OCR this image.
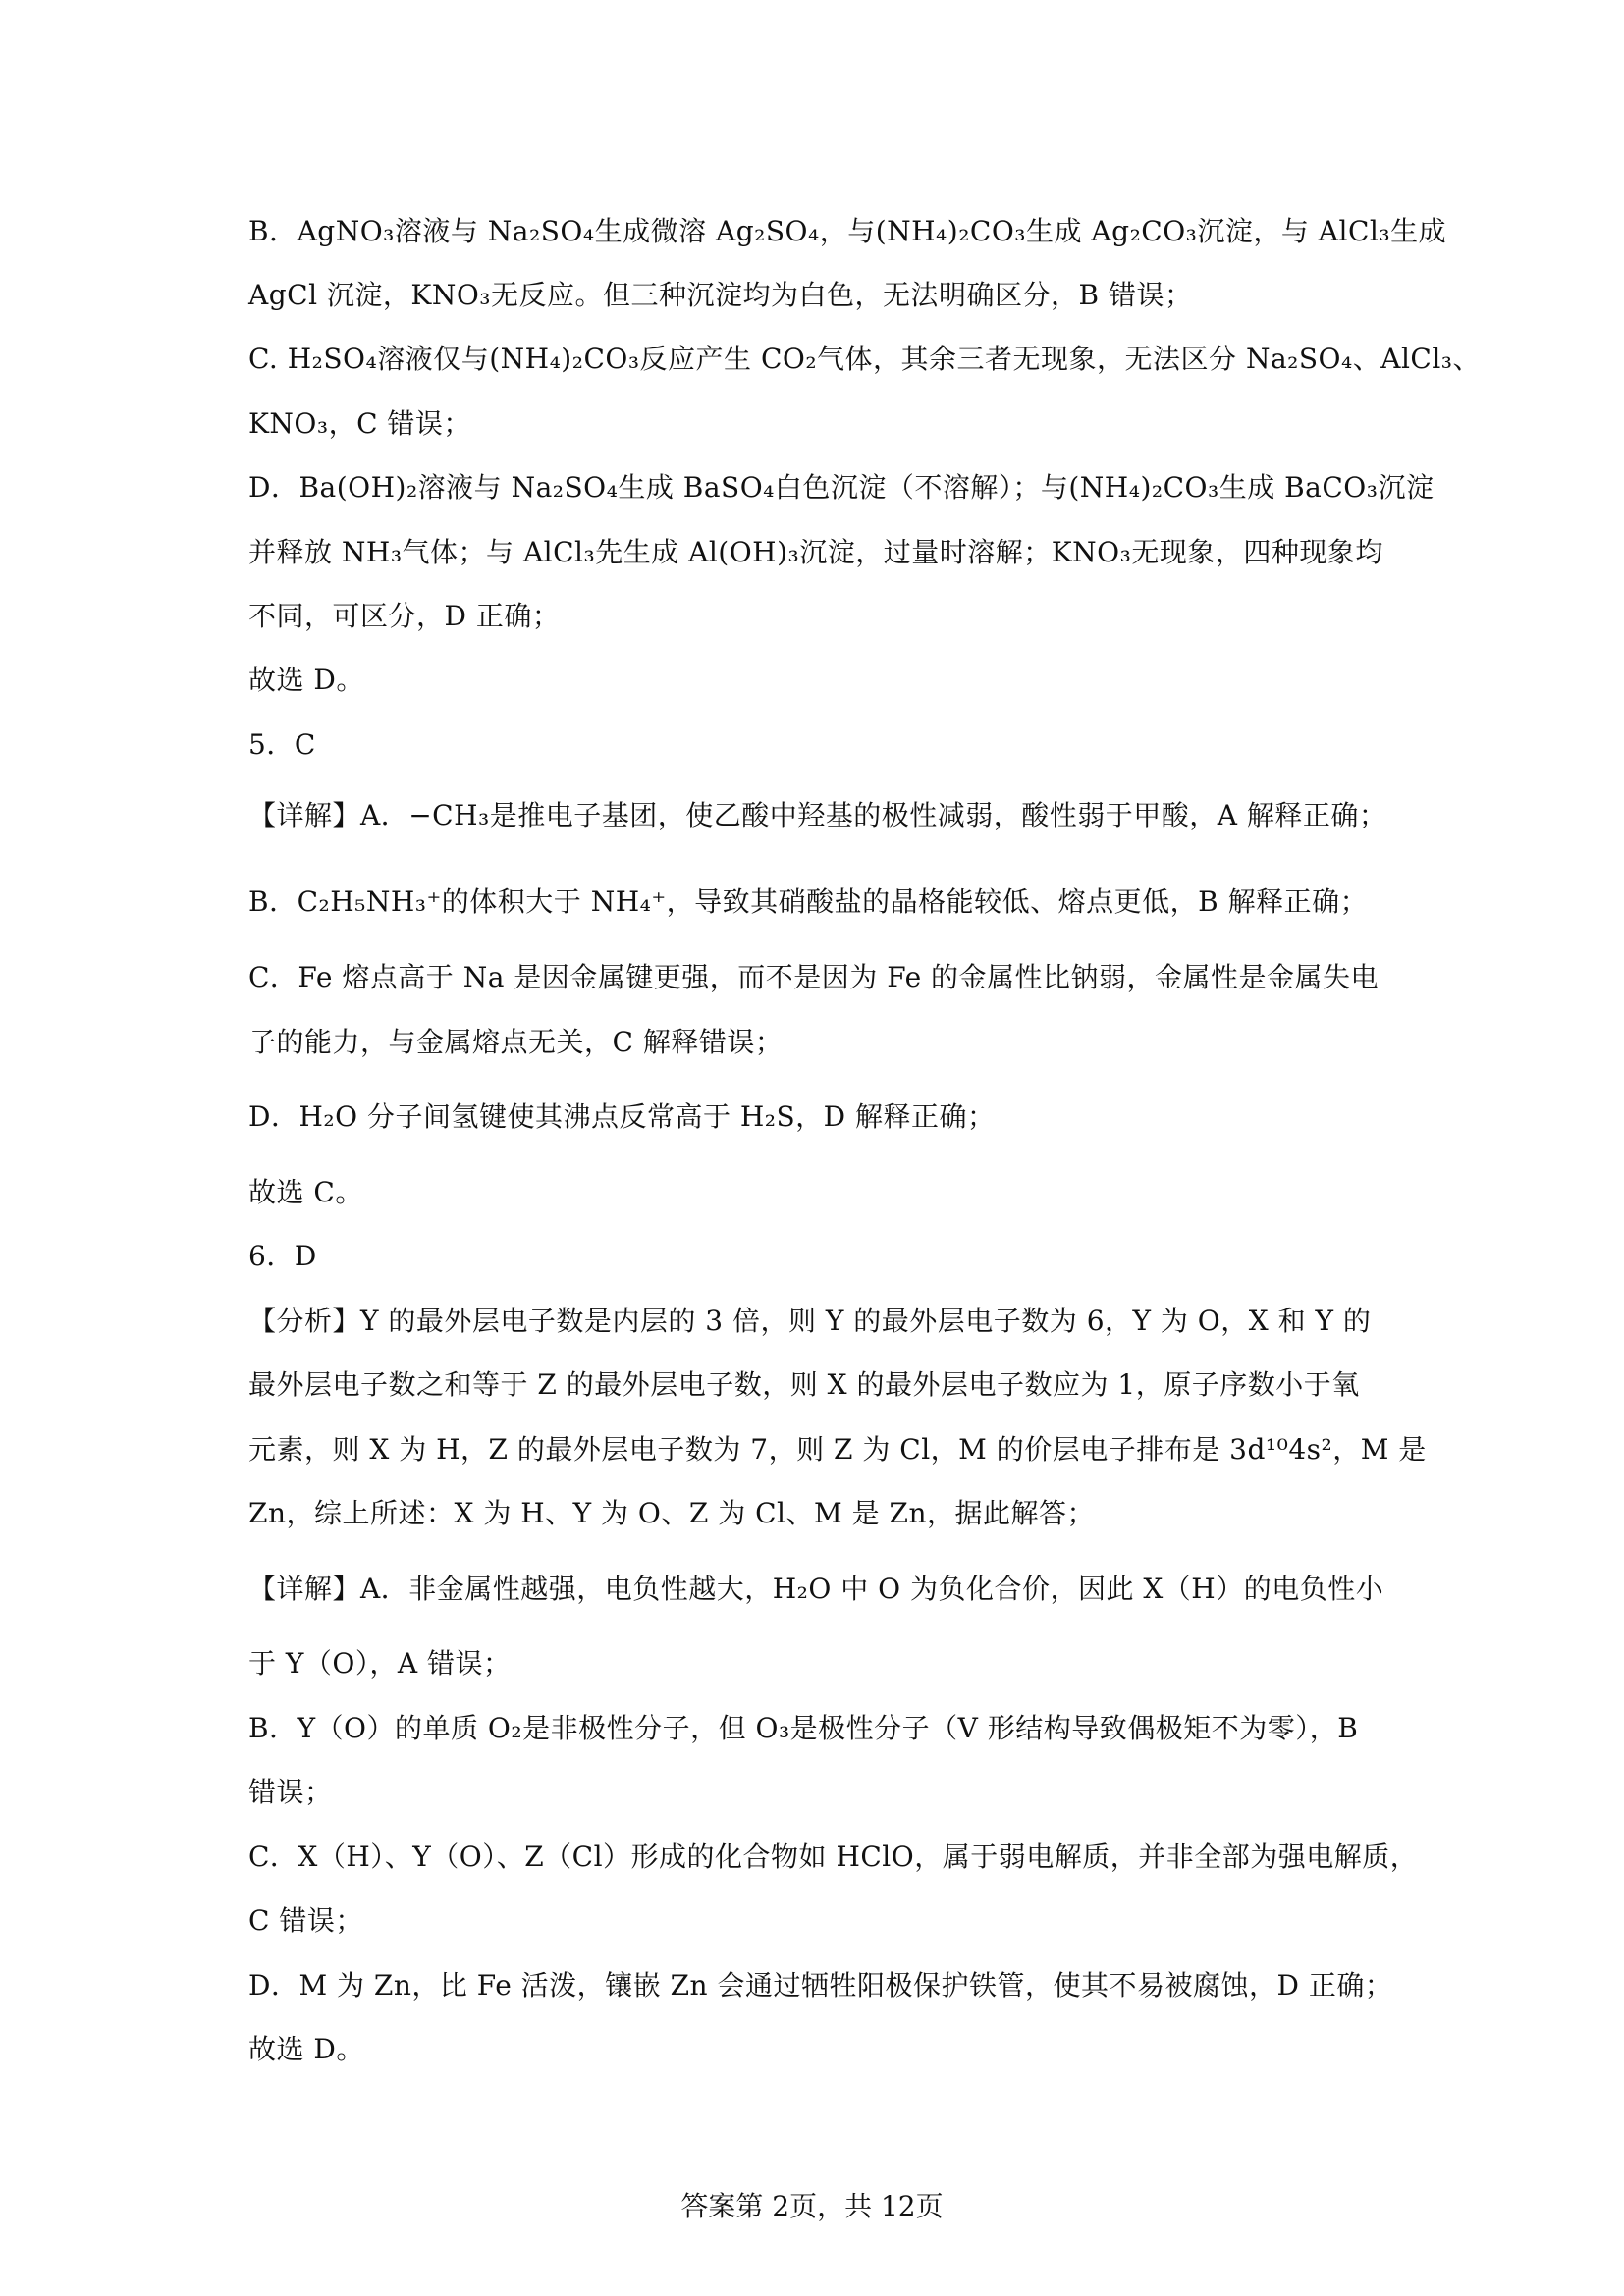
B．AgNO₃溶液与 Na₂SO₄生成微溶 Ag₂SO₄，与(NH₄)₂CO₃生成 Ag₂CO₃沉淀，与 AlCl₃生成
AgCl 沉淀，KNO₃无反应。但三种沉淀均为白色，无法明确区分，B 错误；
C. H₂SO₄溶液仅与(NH₄)₂CO₃反应产生 CO₂气体，其余三者无现象，无法区分 Na₂SO₄、AlCl₃、
KNO₃，C 错误；
D．Ba(OH)₂溶液与 Na₂SO₄生成 BaSO₄白色沉淀（不溶解）；与(NH₄)₂CO₃生成 BaCO₃沉淀
并释放 NH₃气体；与 AlCl₃先生成 Al(OH)₃沉淀，过量时溶解；KNO₃无现象，四种现象均
不同，可区分，D 正确；
故选 D。
5．C
【详解】A．−CH₃是推电子基团，使乙酸中羟基的极性减弱，酸性弱于甲酸，A 解释正确；
B．C₂H₅NH₃⁺的体积大于 NH₄⁺，导致其硝酸盐的晶格能较低、熔点更低，B 解释正确；
C．Fe 熔点高于 Na 是因金属键更强，而不是因为 Fe 的金属性比钠弱，金属性是金属失电
子的能力，与金属熔点无关，C 解释错误；
D．H₂O 分子间氢键使其沸点反常高于 H₂S，D 解释正确；
故选 C。
6．D
【分析】Y 的最外层电子数是内层的 3 倍，则 Y 的最外层电子数为 6，Y 为 O，X 和 Y 的
最外层电子数之和等于 Z 的最外层电子数，则 X 的最外层电子数应为 1，原子序数小于氧
元素，则 X 为 H，Z 的最外层电子数为 7，则 Z 为 Cl，M 的价层电子排布是 3d¹⁰4s²，M 是
Zn，综上所述：X 为 H、Y 为 O、Z 为 Cl、M 是 Zn，据此解答；
【详解】A．非金属性越强，电负性越大，H₂O 中 O 为负化合价，因此 X（H）的电负性小
于 Y（O），A 错误；
B．Y（O）的单质 O₂是非极性分子，但 O₃是极性分子（V 形结构导致偶极矩不为零），B
错误；
C．X（H）、Y（O）、Z（Cl）形成的化合物如 HClO，属于弱电解质，并非全部为强电解质，
C 错误；
D．M 为 Zn，比 Fe 活泼，镶嵌 Zn 会通过牺牲阳极保护铁管，使其不易被腐蚀，D 正确；
故选 D。
答案第 2页，共 12页
